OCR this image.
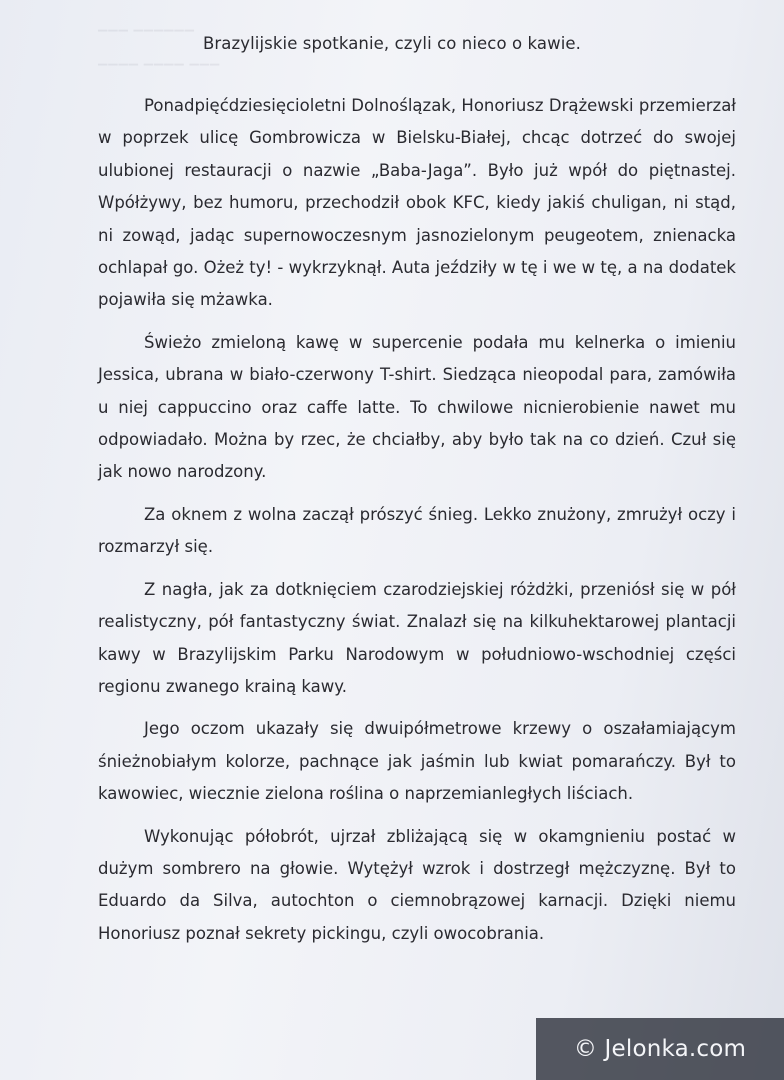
▔▔▔ ▔▔▔▔▔▔
▔▔▔▔ ▔▔▔▔ ▔▔▔
Brazylijskie spotkanie, czyli co nieco o kawie.

Ponadpięćdziesięcioletni Dolnoślązak, Honoriusz Drążewski przemierzał w poprzek ulicę Gombrowicza w Bielsku-Białej, chcąc dotrzeć do swojej ulubionej restauracji o nazwie „Baba-Jaga”. Było już wpół do piętnastej. Wpółżywy, bez humoru, przechodził obok KFC, kiedy jakiś chuligan, ni stąd, ni zowąd, jadąc supernowoczesnym jasnozielonym peugeotem, znienacka ochlapał go. Ożeż ty! - wykrzyknął. Auta jeździły w tę i we w tę, a na dodatek pojawiła się mżawka.

Świeżo zmieloną kawę w supercenie podała mu kelnerka o imieniu Jessica, ubrana w biało-czerwony T-shirt. Siedząca nieopodal para, zamówiła u niej cappuccino oraz caffe latte. To chwilowe nicnierobienie nawet mu odpowiadało. Można by rzec, że chciałby, aby było tak na co dzień. Czuł się jak nowo narodzony.

Za oknem z wolna zaczął prószyć śnieg. Lekko znużony, zmrużył oczy i rozmarzył się.

Z nagła, jak za dotknięciem czarodziejskiej różdżki, przeniósł się w pół realistyczny, pół fantastyczny świat. Znalazł się na kilkuhektarowej plantacji kawy w Brazylijskim Parku Narodowym w południowo-wschodniej części regionu zwanego krainą kawy.

Jego oczom ukazały się dwuipółmetrowe krzewy o oszałamiającym śnieżnobiałym kolorze, pachnące jak jaśmin lub kwiat pomarańczy. Był to kawowiec, wiecznie zielona roślina o naprzemianległych liściach.

Wykonując półobrót, ujrzał zbliżającą się w okamgnieniu postać w dużym sombrero na głowie. Wytężył wzrok i dostrzegł mężczyznę. Był to Eduardo da Silva, autochton o ciemnobrązowej karnacji. Dzięki niemu Honoriusz poznał sekrety pickingu, czyli owocobrania.

© Jelonka.com
